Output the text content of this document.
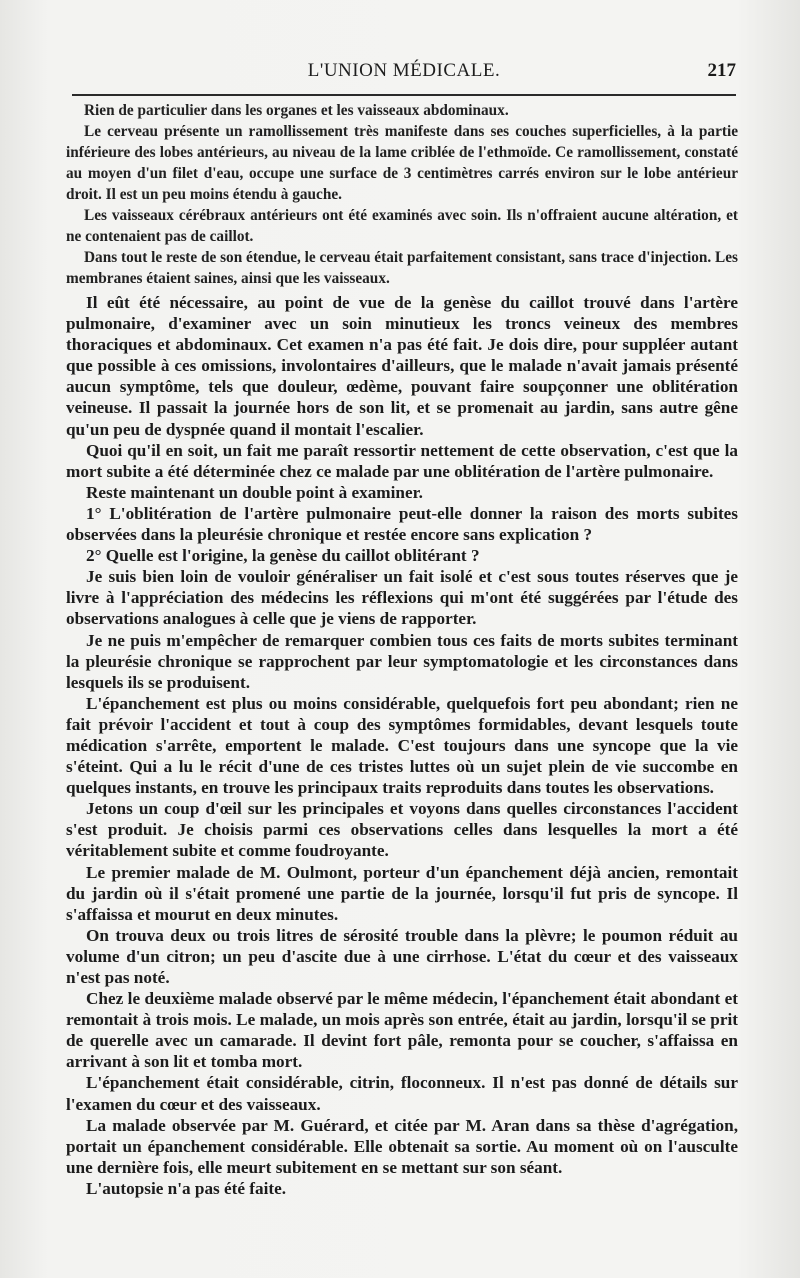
L'UNION MÉDICALE.	217

Rien de particulier dans les organes et les vaisseaux abdominaux.

Le cerveau présente un ramollissement très manifeste dans ses couches superficielles, à la partie inférieure des lobes antérieurs, au niveau de la lame criblée de l'ethmoïde. Ce ramollissement, constaté au moyen d'un filet d'eau, occupe une surface de 3 centimètres carrés environ sur le lobe antérieur droit. Il est un peu moins étendu à gauche.

Les vaisseaux cérébraux antérieurs ont été examinés avec soin. Ils n'offraient aucune altération, et ne contenaient pas de caillot.

Dans tout le reste de son étendue, le cerveau était parfaitement consistant, sans trace d'injection. Les membranes étaient saines, ainsi que les vaisseaux.

Il eût été nécessaire, au point de vue de la genèse du caillot trouvé dans l'artère pulmonaire, d'examiner avec un soin minutieux les troncs veineux des membres thoraciques et abdominaux. Cet examen n'a pas été fait. Je dois dire, pour suppléer autant que possible à ces omissions, involontaires d'ailleurs, que le malade n'avait jamais présenté aucun symptôme, tels que douleur, œdème, pouvant faire soupçonner une oblitération veineuse. Il passait la journée hors de son lit, et se promenait au jardin, sans autre gêne qu'un peu de dyspnée quand il montait l'escalier.

Quoi qu'il en soit, un fait me paraît ressortir nettement de cette observation, c'est que la mort subite a été déterminée chez ce malade par une oblitération de l'artère pulmonaire.

Reste maintenant un double point à examiner.

1° L'oblitération de l'artère pulmonaire peut-elle donner la raison des morts subites observées dans la pleurésie chronique et restée encore sans explication ?

2° Quelle est l'origine, la genèse du caillot oblitérant ?

Je suis bien loin de vouloir généraliser un fait isolé et c'est sous toutes réserves que je livre à l'appréciation des médecins les réflexions qui m'ont été suggérées par l'étude des observations analogues à celle que je viens de rapporter.

Je ne puis m'empêcher de remarquer combien tous ces faits de morts subites terminant la pleurésie chronique se rapprochent par leur symptomatologie et les circonstances dans lesquels ils se produisent.

L'épanchement est plus ou moins considérable, quelquefois fort peu abondant; rien ne fait prévoir l'accident et tout à coup des symptômes formidables, devant lesquels toute médication s'arrête, emportent le malade. C'est toujours dans une syncope que la vie s'éteint. Qui a lu le récit d'une de ces tristes luttes où un sujet plein de vie succombe en quelques instants, en trouve les principaux traits reproduits dans toutes les observations.

Jetons un coup d'œil sur les principales et voyons dans quelles circonstances l'accident s'est produit. Je choisis parmi ces observations celles dans lesquelles la mort a été véritablement subite et comme foudroyante.

Le premier malade de M. Oulmont, porteur d'un épanchement déjà ancien, remontait du jardin où il s'était promené une partie de la journée, lorsqu'il fut pris de syncope. Il s'affaissa et mourut en deux minutes.

On trouva deux ou trois litres de sérosité trouble dans la plèvre; le poumon réduit au volume d'un citron; un peu d'ascite due à une cirrhose. L'état du cœur et des vaisseaux n'est pas noté.

Chez le deuxième malade observé par le même médecin, l'épanchement était abondant et remontait à trois mois. Le malade, un mois après son entrée, était au jardin, lorsqu'il se prit de querelle avec un camarade. Il devint fort pâle, remonta pour se coucher, s'affaissa en arrivant à son lit et tomba mort.

L'épanchement était considérable, citrin, floconneux. Il n'est pas donné de détails sur l'examen du cœur et des vaisseaux.

La malade observée par M. Guérard, et citée par M. Aran dans sa thèse d'agrégation, portait un épanchement considérable. Elle obtenait sa sortie. Au moment où on l'ausculte une dernière fois, elle meurt subitement en se mettant sur son séant.

L'autopsie n'a pas été faite.
